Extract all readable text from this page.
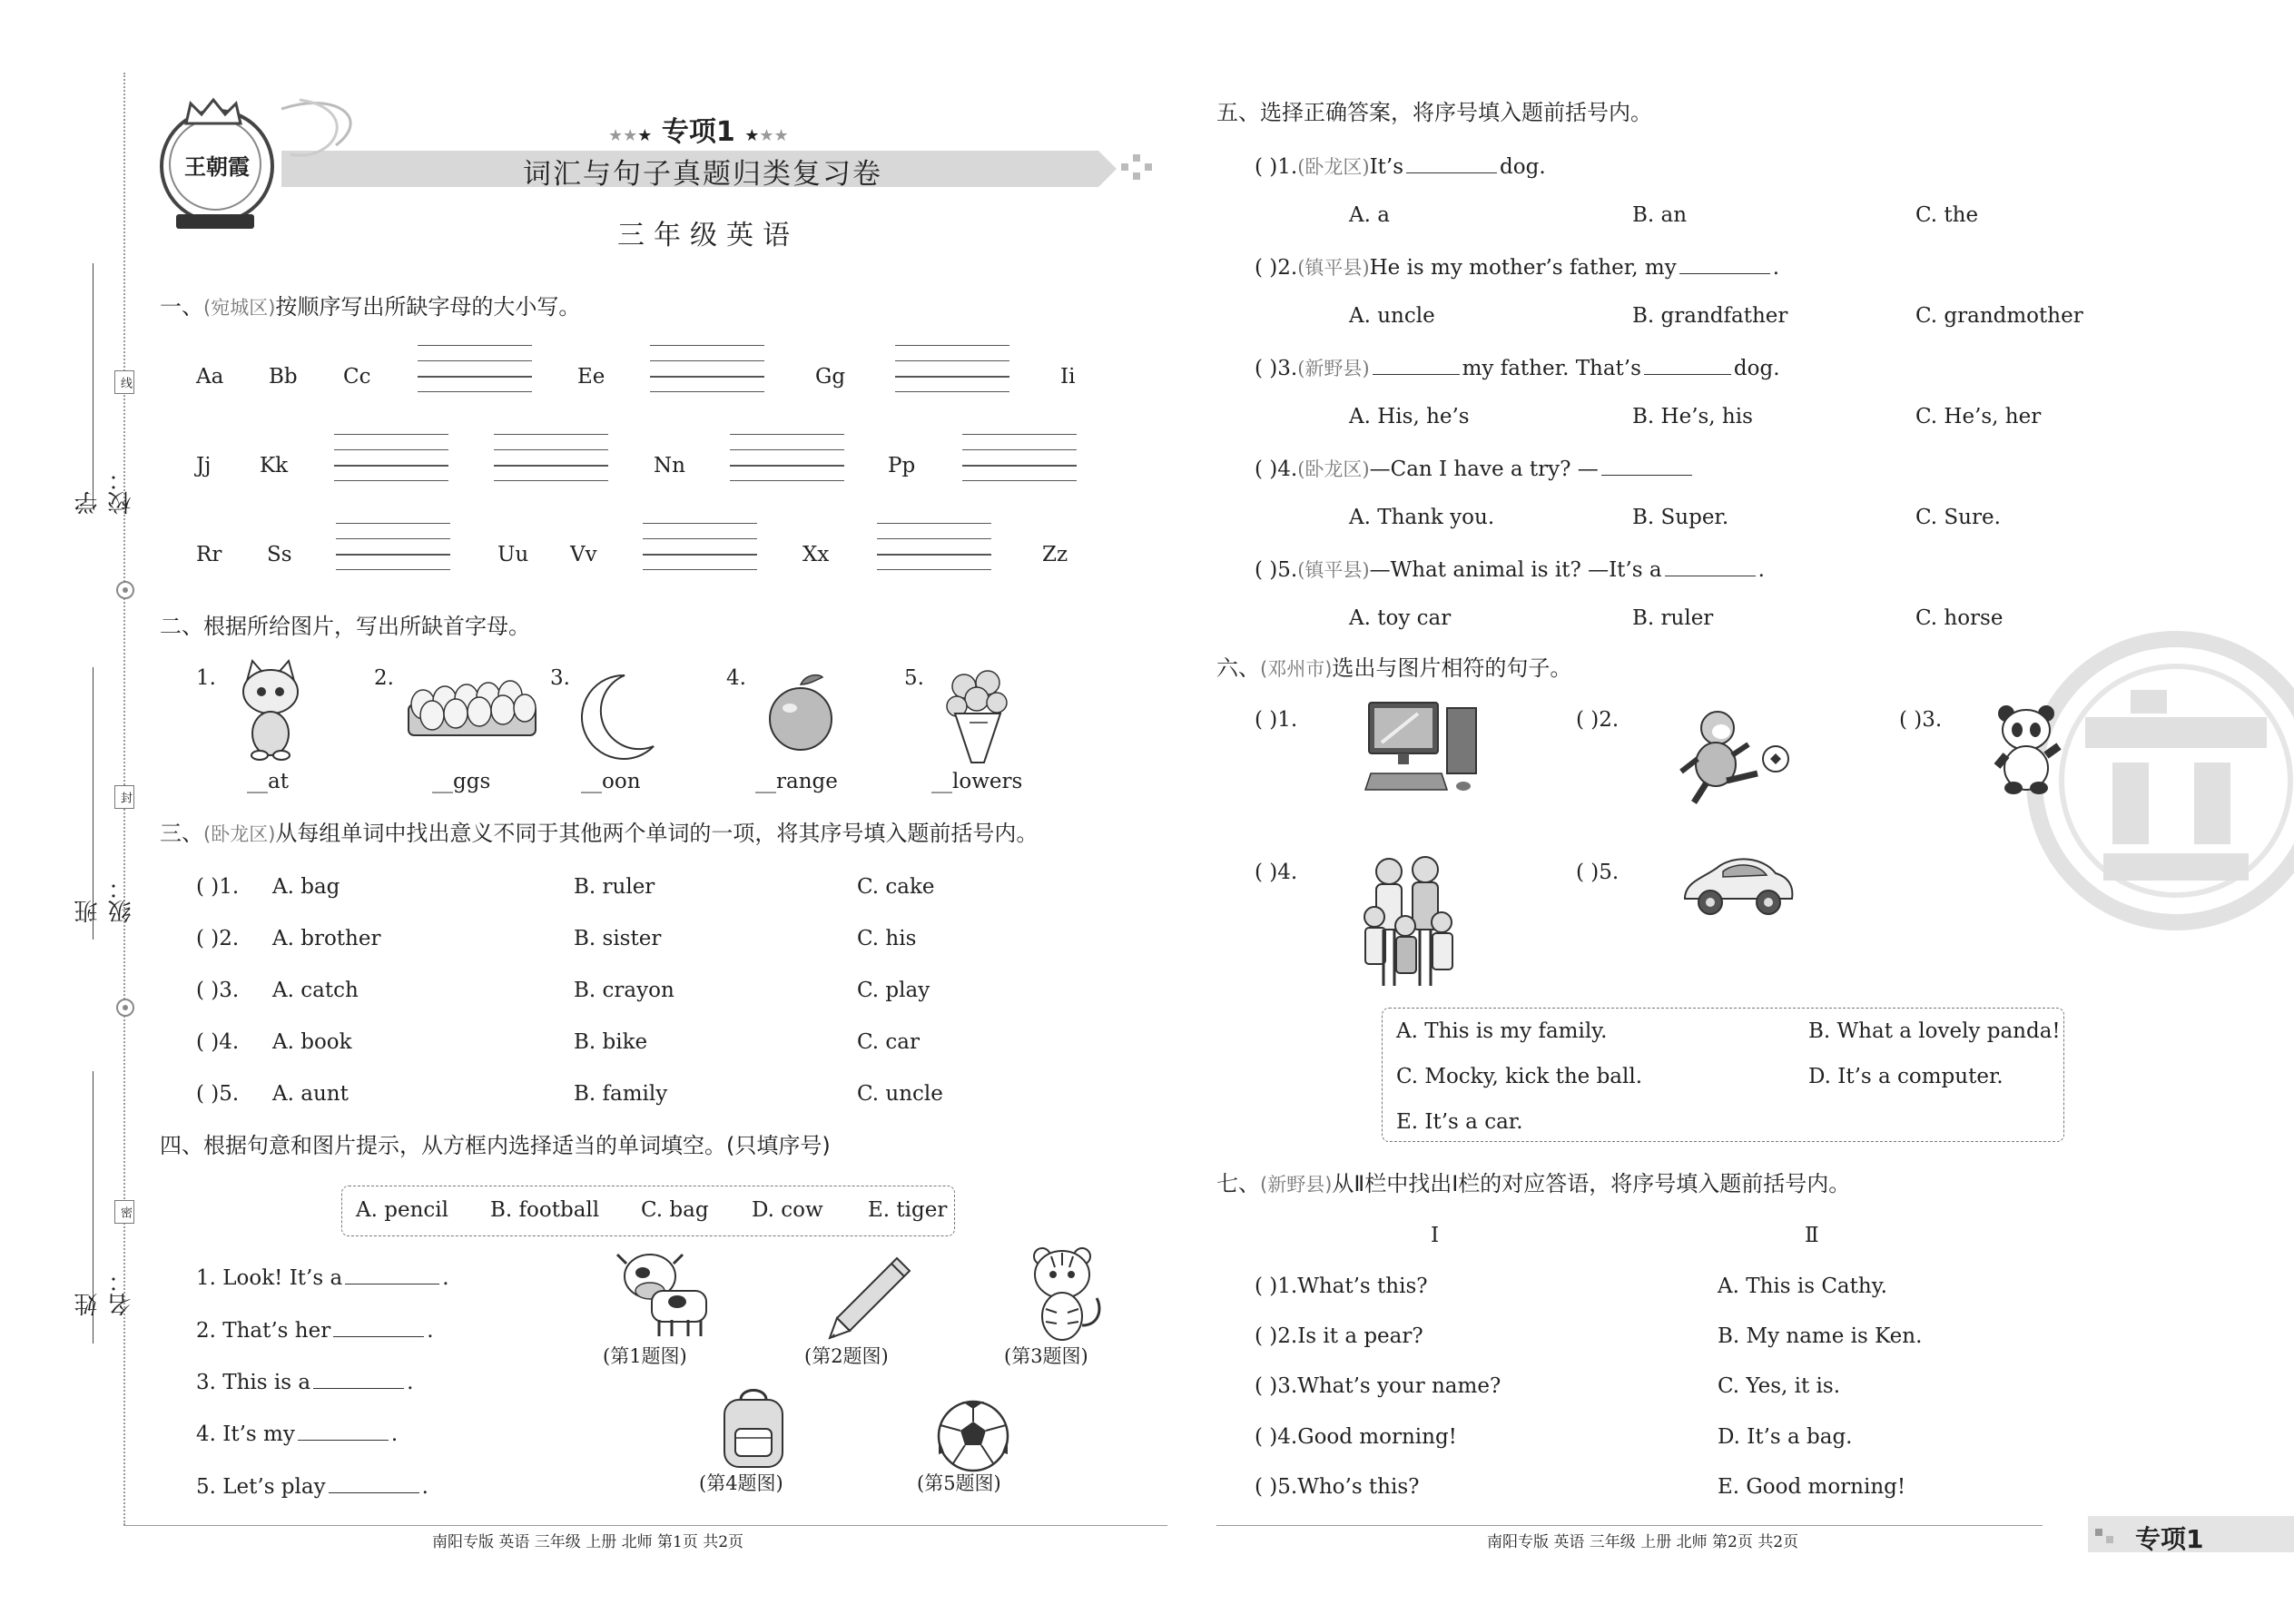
学校：
班级：
姓名：
线
封
密
王朝霞
★★★ 专项1 ★★★
词汇与句子真题归类复习卷
三年级英语
一、(宛城区)按顺序写出所缺字母的大小写。
Aa Bb Cc	Ee	Gg	Ii
Jj Kk	Nn	Pp
Rr Ss	Uu Vv	Xx	Zz
二、根据所给图片，写出所缺首字母。
1.	2.	3.	4.	5.
__at	__ggs	__oon	__range	__lowers
三、(卧龙区)从每组单词中找出意义不同于其他两个单词的一项，将其序号填入题前括号内。
( )1. A. bag	B. ruler	C. cake
( )2. A. brother	B. sister	C. his
( )3. A. catch	B. crayon	C. play
( )4. A. book	B. bike	C. car
( )5. A. aunt	B. family	C. uncle
四、根据句意和图片提示，从方框内选择适当的单词填空。(只填序号)
A. pencil B. football C. bag D. cow E. tiger
1. Look! It’s a	.
2. That’s her	.
3. This is a	.
4. It’s my	.
5. Let’s play	.
(第1题图)	(第2题图)	(第3题图)
(第4题图)	(第5题图)
南阳专版 英语 三年级 上册 北师 第1页 共2页
五、选择正确答案，将序号填入题前括号内。
( )1.(卧龙区)It’s	dog.
A. a	B. an	C. the
( )2.(镇平县)He is my mother’s father, my	.
A. uncle	B. grandfather	C. grandmother
( )3.(新野县)	my father. That’s	dog.
A. His, he’s	B. He’s, his	C. He’s, her
( )4.(卧龙区)—Can I have a try? —
A. Thank you.	B. Super.	C. Sure.
( )5.(镇平县)—What animal is it? —It’s a	.
A. toy car	B. ruler	C. horse
六、(邓州市)选出与图片相符的句子。
( )1.	( )2.	( )3.
( )4.	( )5.
A. This is my family.	B. What a lovely panda!
C. Mocky, kick the ball.	D. It’s a computer.
E. It’s a car.
七、(新野县)从Ⅱ栏中找出Ⅰ栏的对应答语，将序号填入题前括号内。
Ⅰ	Ⅱ
( )1.What’s this?	A. This is Cathy.
( )2.Is it a pear?	B. My name is Ken.
( )3.What’s your name?	C. Yes, it is.
( )4.Good morning!	D. It’s a bag.
( )5.Who’s this?	E. Good morning!
南阳专版 英语 三年级 上册 北师 第2页 共2页	专项1
